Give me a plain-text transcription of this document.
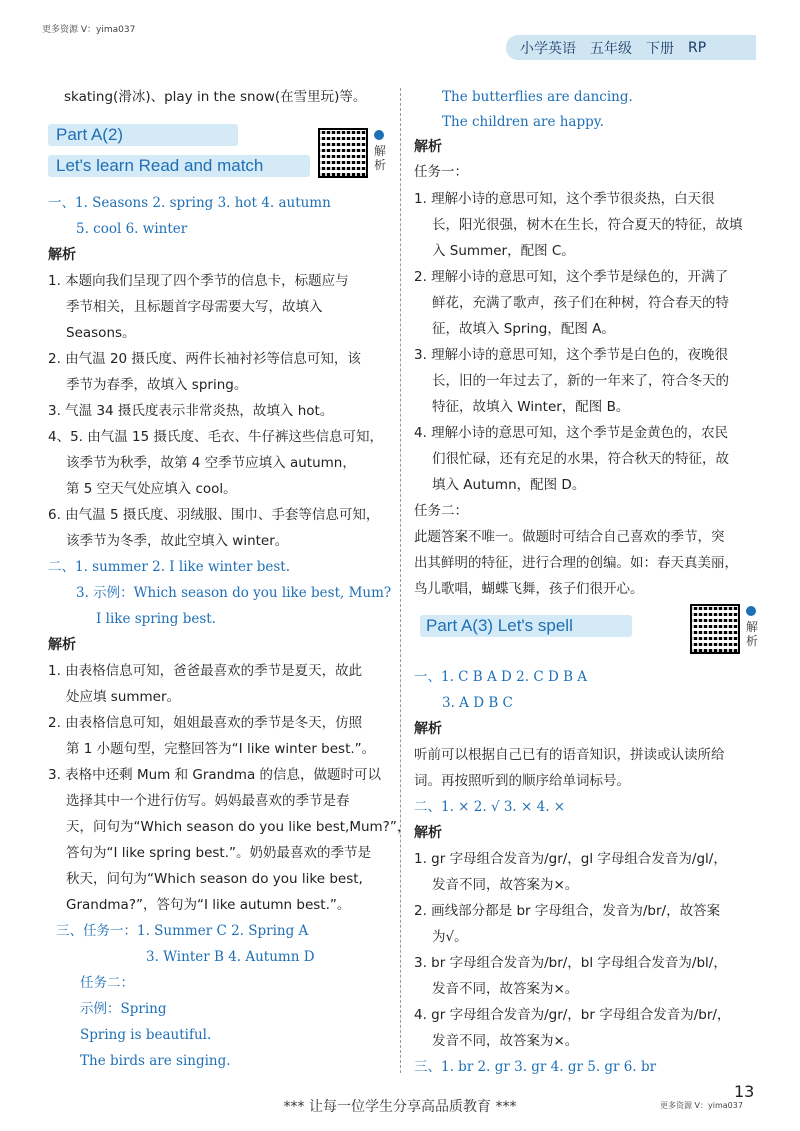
更多资源 V：yima037
小学英语 五年级 下册 RP
skating(滑冰)、play in the snow(在雪里玩)等。
Part A(2)
Let's learn Read and match
解析
一、1. Seasons 2. spring 3. hot 4. autumn
5. cool 6. winter
解析
1. 本题向我们呈现了四个季节的信息卡，标题应与
季节相关，且标题首字母需要大写，故填入
Seasons。
2. 由气温 20 摄氏度、两件长袖衬衫等信息可知，该
季节为春季，故填入 spring。
3. 气温 34 摄氏度表示非常炎热，故填入 hot。
4、5. 由气温 15 摄氏度、毛衣、牛仔裤这些信息可知，
该季节为秋季，故第 4 空季节应填入 autumn，
第 5 空天气处应填入 cool。
6. 由气温 5 摄氏度、羽绒服、围巾、手套等信息可知，
该季节为冬季，故此空填入 winter。
二、1. summer 2. I like winter best.
3. 示例：Which season do you like best, Mum?
I like spring best.
解析
1. 由表格信息可知，爸爸最喜欢的季节是夏天，故此
处应填 summer。
2. 由表格信息可知，姐姐最喜欢的季节是冬天，仿照
第 1 小题句型，完整回答为“I like winter best.”。
3. 表格中还剩 Mum 和 Grandma 的信息，做题时可以
选择其中一个进行仿写。妈妈最喜欢的季节是春
天，问句为“Which season do you like best,Mum?”，
答句为“I like spring best.”。奶奶最喜欢的季节是
秋天，问句为“Which season do you like best,
Grandma?”，答句为“I like autumn best.”。
三、任务一：1. Summer C 2. Spring A
3. Winter B 4. Autumn D
任务二：
示例：Spring
Spring is beautiful.
The birds are singing.
The butterflies are dancing.
The children are happy.
解析
任务一：
1. 理解小诗的意思可知，这个季节很炎热，白天很
长，阳光很强，树木在生长，符合夏天的特征，故填
入 Summer，配图 C。
2. 理解小诗的意思可知，这个季节是绿色的，开满了
鲜花，充满了歌声，孩子们在种树，符合春天的特
征，故填入 Spring，配图 A。
3. 理解小诗的意思可知，这个季节是白色的，夜晚很
长，旧的一年过去了，新的一年来了，符合冬天的
特征，故填入 Winter，配图 B。
4. 理解小诗的意思可知，这个季节是金黄色的，农民
们很忙碌，还有充足的水果，符合秋天的特征，故
填入 Autumn，配图 D。
任务二：
此题答案不唯一。做题时可结合自己喜欢的季节，突
出其鲜明的特征，进行合理的创编。如：春天真美丽，
鸟儿歌唱，蝴蝶飞舞，孩子们很开心。
Part A(3) Let's spell	解析
一、1. C B A D 2. C D B A
3. A D B C
解析
听前可以根据自己已有的语音知识，拼读或认读所给
词。再按照听到的顺序给单词标号。
二、1. × 2. √ 3. × 4. ×
解析
1. gr 字母组合发音为/gr/，gl 字母组合发音为/gl/，
发音不同，故答案为×。
2. 画线部分都是 br 字母组合，发音为/br/，故答案
为√。
3. br 字母组合发音为/br/，bl 字母组合发音为/bl/，
发音不同，故答案为×。
4. gr 字母组合发音为/gr/，br 字母组合发音为/br/，
发音不同，故答案为×。
三、1. br 2. gr 3. gr 4. gr 5. gr 6. br
*** 让每一位学生分享高品质教育 ***
13
更多资源 V：yima037
